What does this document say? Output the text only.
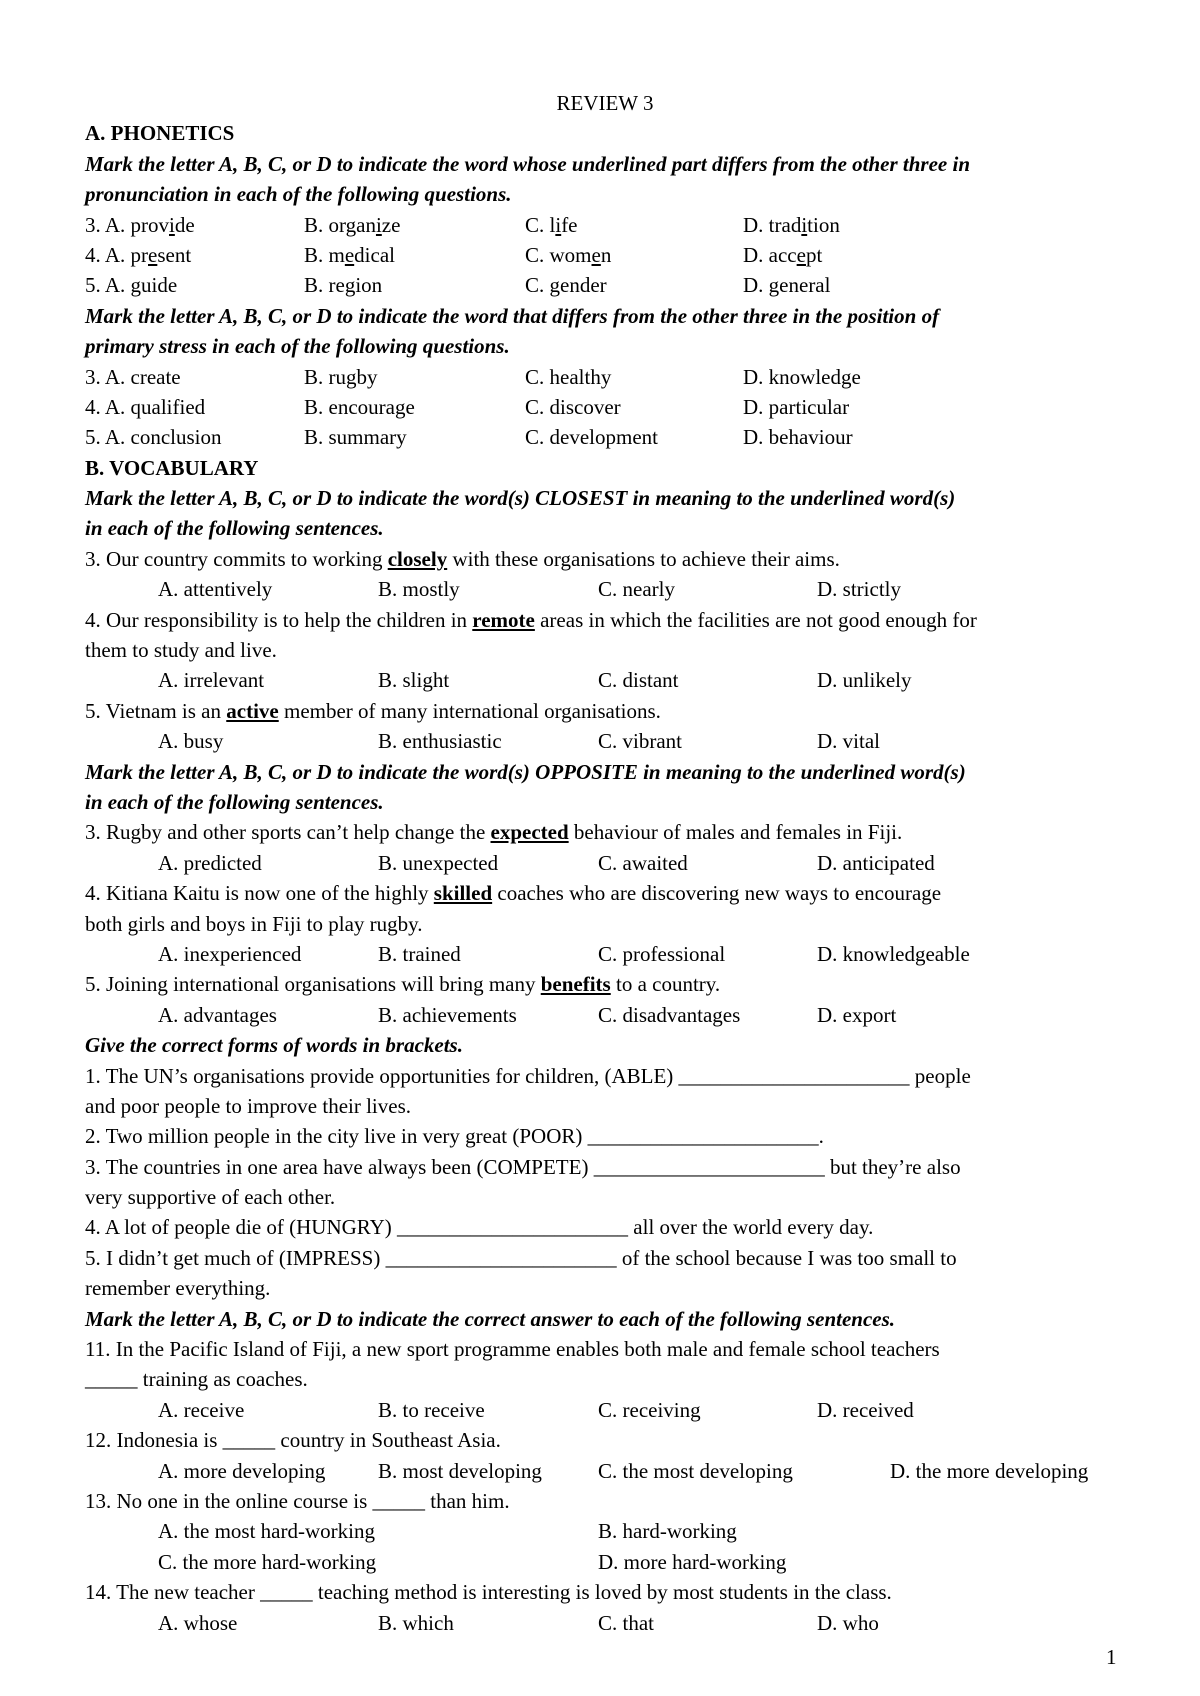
REVIEW 3
A. PHONETICS
Mark the letter A, B, C, or D to indicate the word whose underlined part differs from the other three in
pronunciation in each of the following questions.
3. A. provide	B. organize	C. life	D. tradition
4. A. present	B. medical	C. women	D. accept
5. A. guide	B. region	C. gender	D. general
Mark the letter A, B, C, or D to indicate the word that differs from the other three in the position of
primary stress in each of the following questions.
3. A. create	B. rugby	C. healthy	D. knowledge
4. A. qualified	B. encourage	C. discover	D. particular
5. A. conclusion	B. summary	C. development	D. behaviour
B. VOCABULARY
Mark the letter A, B, C, or D to indicate the word(s) CLOSEST in meaning to the underlined word(s)
in each of the following sentences.
3. Our country commits to working closely with these organisations to achieve their aims.
A. attentively	B. mostly	C. nearly	D. strictly
4. Our responsibility is to help the children in remote areas in which the facilities are not good enough for
them to study and live.
A. irrelevant	B. slight	C. distant	D. unlikely
5. Vietnam is an active member of many international organisations.
A. busy	B. enthusiastic	C. vibrant	D. vital
Mark the letter A, B, C, or D to indicate the word(s) OPPOSITE in meaning to the underlined word(s)
in each of the following sentences.
3. Rugby and other sports can’t help change the expected behaviour of males and females in Fiji.
A. predicted	B. unexpected	C. awaited	D. anticipated
4. Kitiana Kaitu is now one of the highly skilled coaches who are discovering new ways to encourage
both girls and boys in Fiji to play rugby.
A. inexperienced	B. trained	C. professional	D. knowledgeable
5. Joining international organisations will bring many benefits to a country.
A. advantages	B. achievements	C. disadvantages	D. export
Give the correct forms of words in brackets.
1. The UN’s organisations provide opportunities for children, (ABLE) ______________________ people
and poor people to improve their lives.
2. Two million people in the city live in very great (POOR) ______________________.
3. The countries in one area have always been (COMPETE) ______________________ but they’re also
very supportive of each other.
4. A lot of people die of (HUNGRY) ______________________ all over the world every day.
5. I didn’t get much of (IMPRESS) ______________________ of the school because I was too small to
remember everything.
Mark the letter A, B, C, or D to indicate the correct answer to each of the following sentences.
11. In the Pacific Island of Fiji, a new sport programme enables both male and female school teachers
_____ training as coaches.
A. receive	B. to receive	C. receiving	D. received
12. Indonesia is _____ country in Southeast Asia.
A. more developing	B. most developing	C. the most developing	D. the more developing
13. No one in the online course is _____ than him.
A. the most hard-working	B. hard-working
C. the more hard-working	D. more hard-working
14. The new teacher _____ teaching method is interesting is loved by most students in the class.
A. whose	B. which	C. that	D. who
1
